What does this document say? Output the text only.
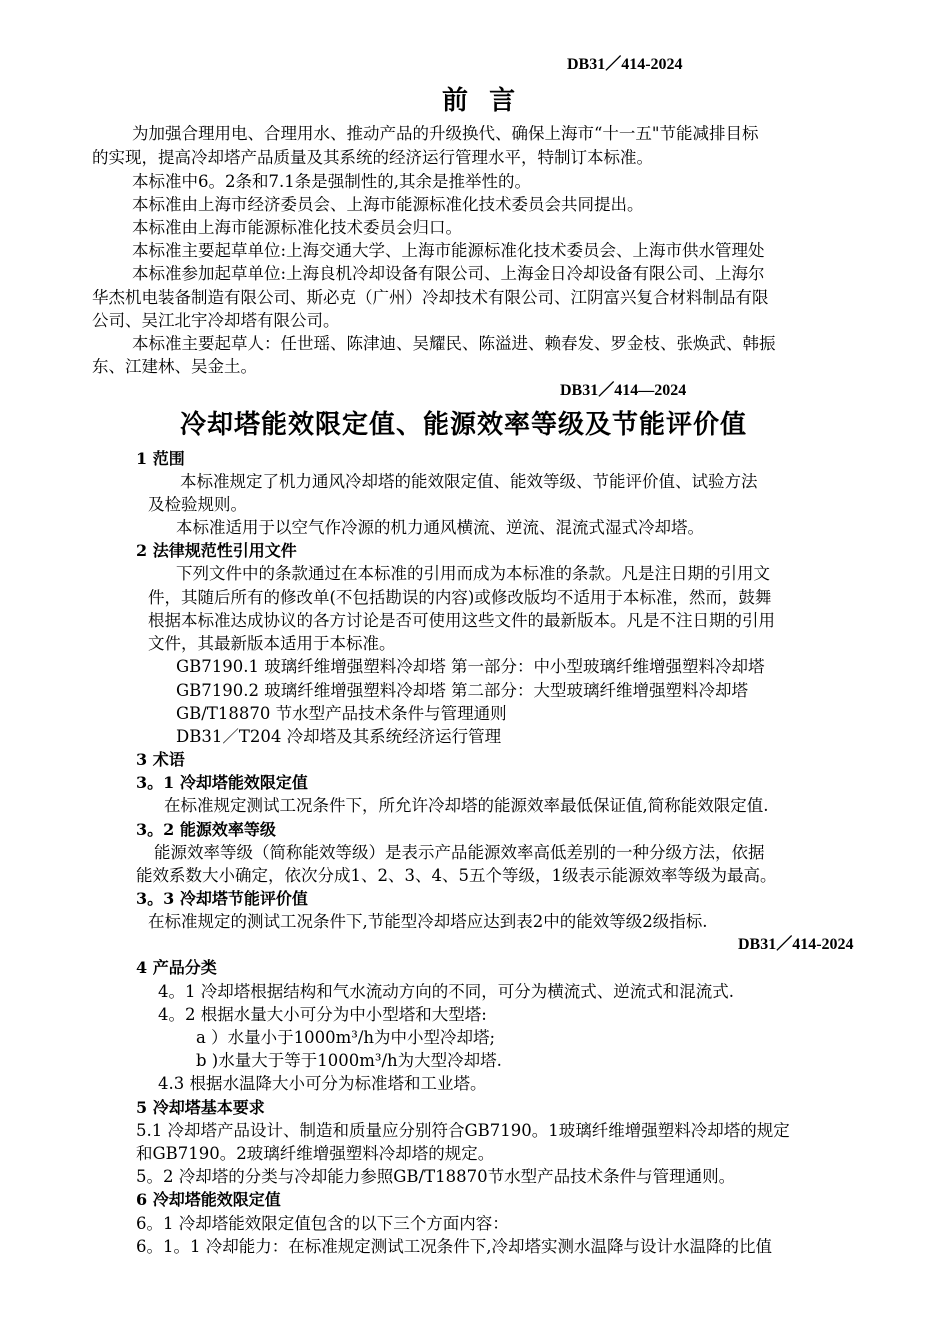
DB31／414-2024
前  言
为加强合理用电、合理用水、推动产品的升级换代、确保上海市“十一五"节能减排目标
的实现，提高冷却塔产品质量及其系统的经济运行管理水平，特制订本标准。
本标准中6。2条和7.1条是强制性的,其余是推举性的。
本标准由上海市经济委员会、上海市能源标准化技术委员会共同提出。
本标准由上海市能源标准化技术委员会归口。
本标准主要起草单位:上海交通大学、上海市能源标准化技术委员会、上海市供水管理处
本标准参加起草单位:上海良机冷却设备有限公司、上海金日冷却设备有限公司、上海尔
华杰机电装备制造有限公司、斯必克（广州）冷却技术有限公司、江阴富兴复合材料制品有限
公司、吴江北宇冷却塔有限公司。
本标准主要起草人：任世瑶、陈津迪、吴耀民、陈溢进、赖春发、罗金枝、张焕武、韩振
东、江建林、吴金土。
DB31／414—2024
冷却塔能效限定值、能源效率等级及节能评价值
1 范围
本标准规定了机力通风冷却塔的能效限定值、能效等级、节能评价值、试验方法
及检验规则。
本标准适用于以空气作冷源的机力通风横流、逆流、混流式湿式冷却塔。
2 法律规范性引用文件
下列文件中的条款通过在本标准的引用而成为本标准的条款。凡是注日期的引用文
件，其随后所有的修改单(不包括勘误的内容)或修改版均不适用于本标准，然而，鼓舞
根据本标准达成协议的各方讨论是否可使用这些文件的最新版本。凡是不注日期的引用
文件，其最新版本适用于本标准。
GB7190.1 玻璃纤维增强塑料冷却塔 第一部分：中小型玻璃纤维增强塑料冷却塔
GB7190.2 玻璃纤维增强塑料冷却塔 第二部分：大型玻璃纤维增强塑料冷却塔
GB/T18870 节水型产品技术条件与管理通则
DB31／T204 冷却塔及其系统经济运行管理
3 术语
3。1 冷却塔能效限定值
在标准规定测试工况条件下，所允许冷却塔的能源效率最低保证值,简称能效限定值.
3。2 能源效率等级
能源效率等级（简称能效等级）是表示产品能源效率高低差别的一种分级方法，依据
能效系数大小确定，依次分成1、2、3、4、5五个等级，1级表示能源效率等级为最高。
3。3 冷却塔节能评价值
在标准规定的测试工况条件下,节能型冷却塔应达到表2中的能效等级2级指标.
DB31／414-2024
4 产品分类
4。1 冷却塔根据结构和气水流动方向的不同，可分为横流式、逆流式和混流式.
4。2 根据水量大小可分为中小型塔和大型塔:
a ）水量小于1000m³/h为中小型冷却塔;
b )水量大于等于1000m³/h为大型冷却塔.
4.3 根据水温降大小可分为标准塔和工业塔。
5 冷却塔基本要求
5.1 冷却塔产品设计、制造和质量应分别符合GB7190。1玻璃纤维增强塑料冷却塔的规定
和GB7190。2玻璃纤维增强塑料冷却塔的规定。
5。2 冷却塔的分类与冷却能力参照GB/T18870节水型产品技术条件与管理通则。
6 冷却塔能效限定值
6。1 冷却塔能效限定值包含的以下三个方面内容：
6。1。1 冷却能力：在标准规定测试工况条件下,冷却塔实测水温降与设计水温降的比值
